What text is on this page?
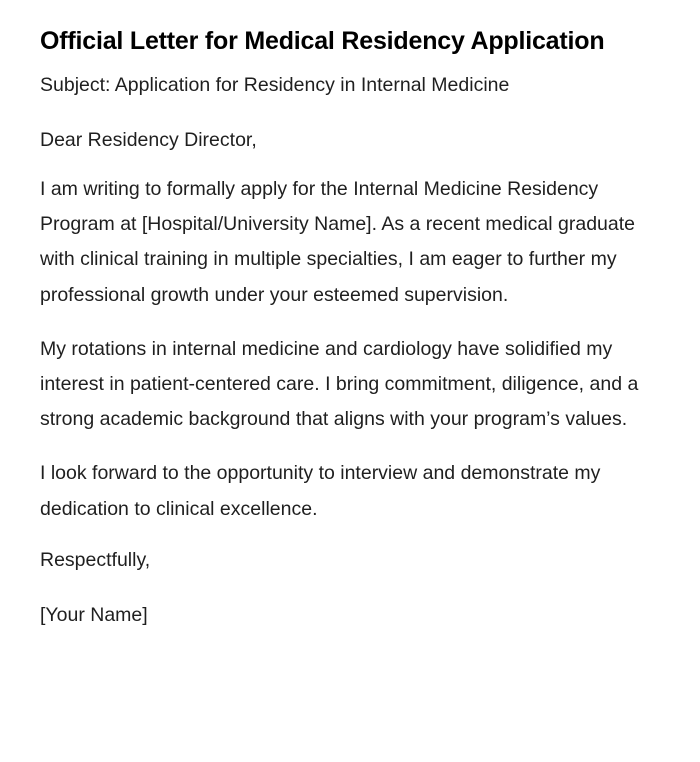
Official Letter for Medical Residency Application
Subject: Application for Residency in Internal Medicine
Dear Residency Director,
I am writing to formally apply for the Internal Medicine Residency Program at [Hospital/University Name]. As a recent medical graduate with clinical training in multiple specialties, I am eager to further my professional growth under your esteemed supervision.
My rotations in internal medicine and cardiology have solidified my interest in patient-centered care. I bring commitment, diligence, and a strong academic background that aligns with your program’s values.
I look forward to the opportunity to interview and demonstrate my dedication to clinical excellence.
Respectfully,
[Your Name]
